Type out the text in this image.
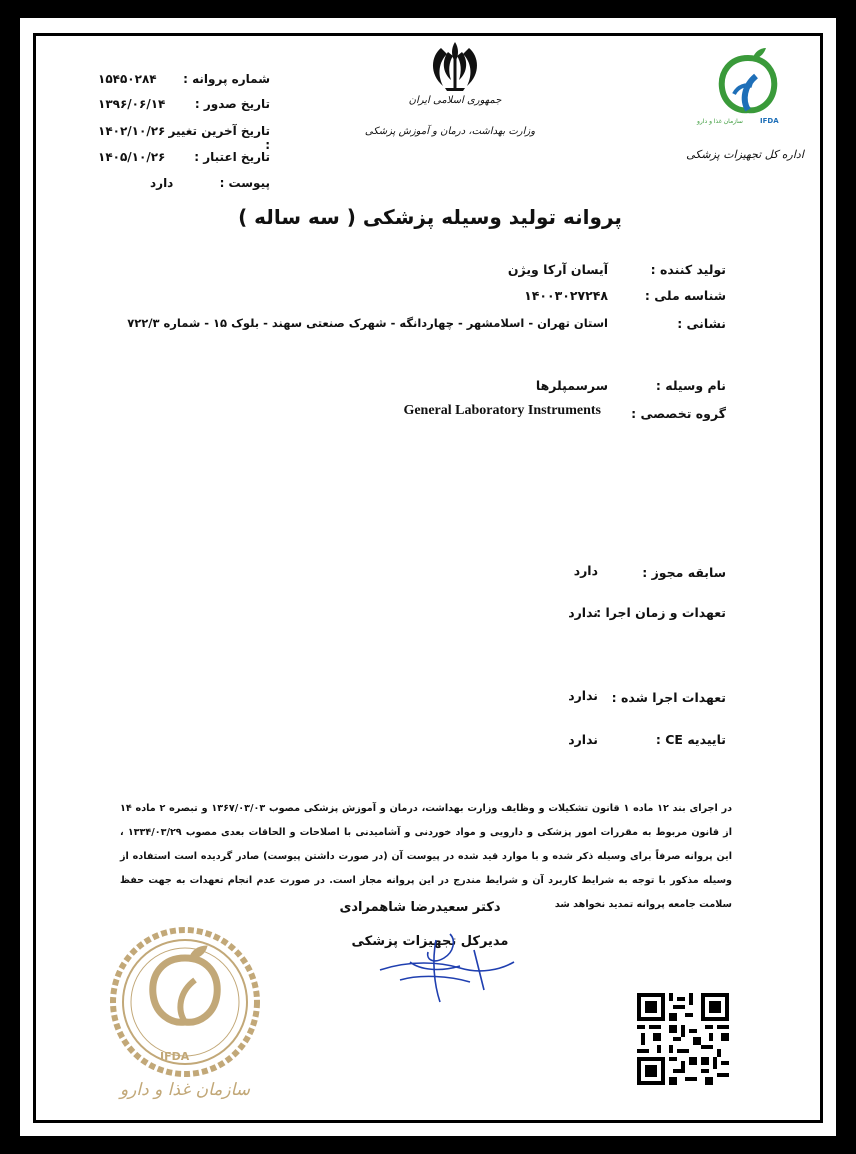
جمهوری اسلامی ایران
وزارت بهداشت، درمان و آموزش پزشکی
سازمان غذا و دارو	IFDA
اداره کل تجهیزات پزشکی
شماره پروانه :
۱۵۴۵۰۲۸۴
تاریخ صدور :
۱۳۹۶/۰۶/۱۴
تاریخ آخرین تغییر :
۱۴۰۲/۱۰/۲۶
تاریخ اعتبار :
۱۴۰۵/۱۰/۲۶
پیوست :
دارد
پروانه تولید وسیله پزشکی ( سه ساله )
تولید کننده :
آیسان آرکا ویژن
شناسه ملی :
۱۴۰۰۳۰۲۷۲۴۸
نشانی :
استان تهران - اسلامشهر - چهاردانگه - شهرک صنعتی سهند - بلوک ۱۵ - شماره ۷۲۲/۳
نام وسیله :
سرسمپلرها
گروه تخصصی :
General Laboratory Instruments
سابقه مجوز :
دارد
تعهدات و زمان اجرا :
ندارد
تعهدات اجرا شده :
ندارد
تاییدیه CE :
ندارد
در اجرای بند ۱۲ ماده ۱ قانون تشکیلات و وظایف وزارت بهداشت، درمان و آموزش پزشکی مصوب ۱۳۶۷/۰۳/۰۳ و تبصره ۲ ماده ۱۴ از قانون مربوط به مقررات امور پزشکی و دارویی و مواد خوردنی و آشامیدنی با اصلاحات و الحاقات بعدی مصوب ۱۳۳۴/۰۳/۲۹ ، این پروانه صرفاً برای وسیله ذکر شده و با موارد قید شده در پیوست آن (در صورت داشتن پیوست) صادر گردیده است استفاده از وسیله مذکور با توجه به شرایط کاربرد آن و شرایط مندرج در این پروانه مجاز است. در صورت عدم انجام تعهدات به جهت حفظ سلامت جامعه پروانه تمدید نخواهد شد
دکتر سعیدرضا شاهمرادی
مدیرکل تجهیزات پزشکی
IFDA
سازمان غذا و دارو
